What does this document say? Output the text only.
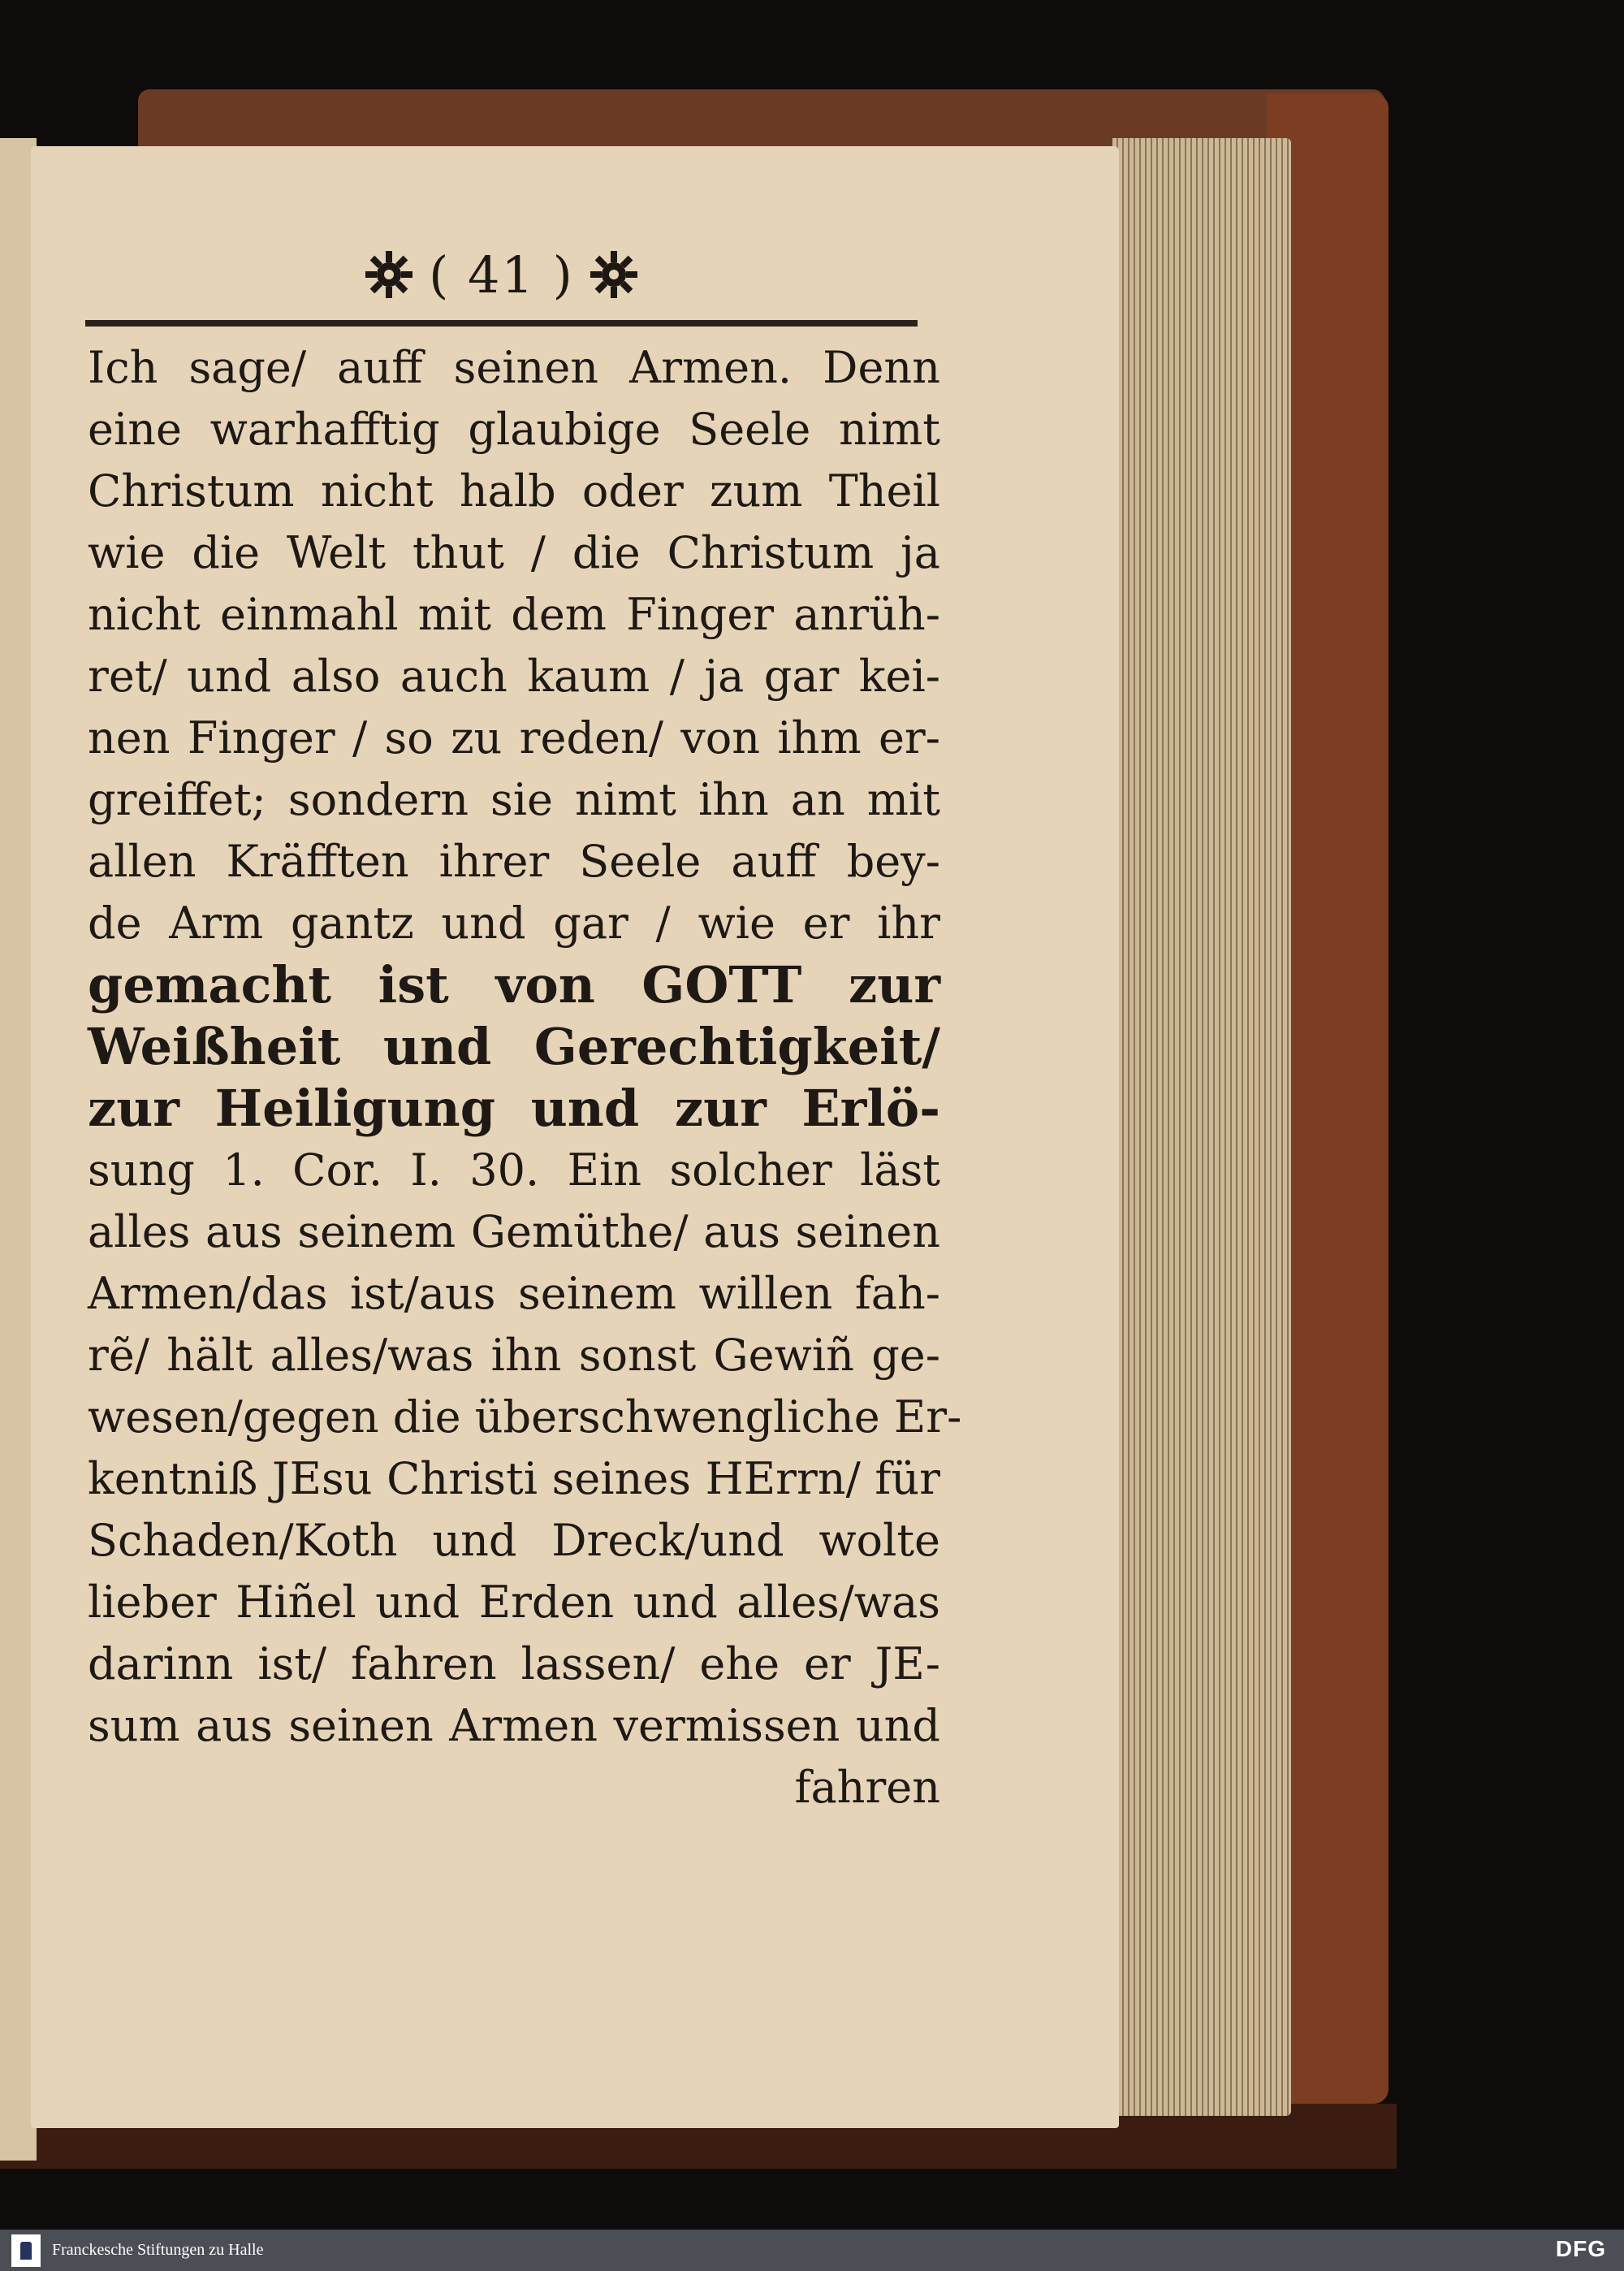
( 41 )
Ich sage/ auff seinen Armen. Denn
eine warhafftig glaubige Seele nimt
Christum nicht halb oder zum Theil
wie die Welt thut / die Christum ja
nicht einmahl mit dem Finger anrüh-
ret/ und also auch kaum / ja gar kei-
nen Finger / so zu reden/ von ihm er-
greiffet; sondern sie nimt ihn an mit
allen Kräfften ihrer Seele auff bey-
de Arm gantz und gar / wie er ihr
gemacht ist von GOTT zur
Weißheit und Gerechtigkeit/
zur Heiligung und zur Erlö-
sung 1. Cor. I. 30. Ein solcher läst
alles aus seinem Gemüthe/ aus seinen
Armen/das ist/aus seinem willen fah-
rẽ/ hält alles/was ihn sonst Gewiñ ge-
wesen/gegen die überschwengliche Er-
kentniß JEsu Christi seines HErrn/ für
Schaden/Koth und Dreck/und wolte
lieber Hiñel und Erden und alles/was
darinn ist/ fahren lassen/ ehe er JE-
sum aus seinen Armen vermissen und
fahren
Franckesche Stiftungen zu Halle	DFG
